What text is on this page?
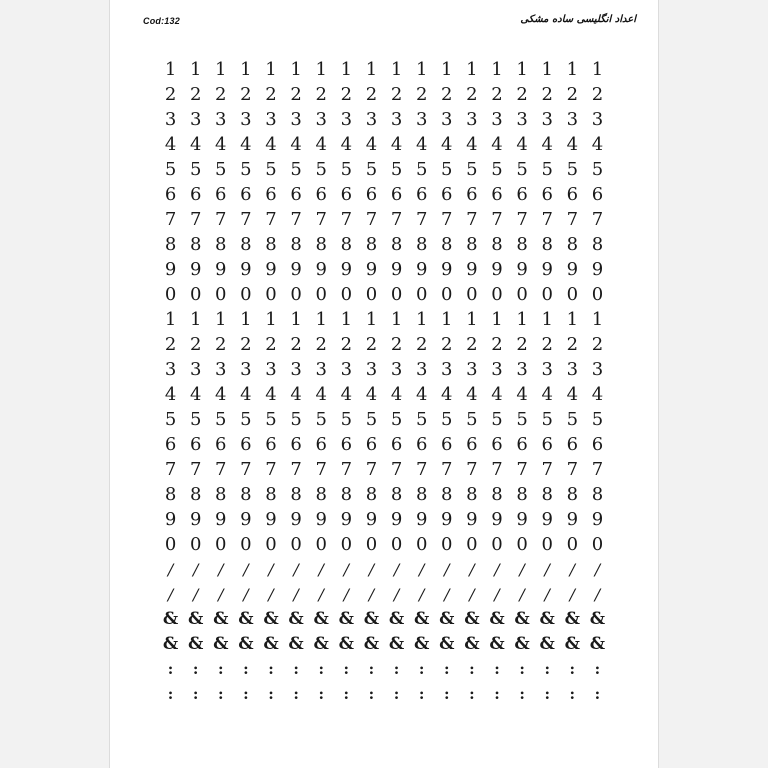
Cod:132	اعداد انگلیسی ساده مشکی
1 1 1 1 1 1 1 1 1 1 1 1 1 1 1 1 1 1
2 2 2 2 2 2 2 2 2 2 2 2 2 2 2 2 2 2
3 3 3 3 3 3 3 3 3 3 3 3 3 3 3 3 3 3
4 4 4 4 4 4 4 4 4 4 4 4 4 4 4 4 4 4
5 5 5 5 5 5 5 5 5 5 5 5 5 5 5 5 5 5
6 6 6 6 6 6 6 6 6 6 6 6 6 6 6 6 6 6
7 7 7 7 7 7 7 7 7 7 7 7 7 7 7 7 7 7
8 8 8 8 8 8 8 8 8 8 8 8 8 8 8 8 8 8
9 9 9 9 9 9 9 9 9 9 9 9 9 9 9 9 9 9
0 0 0 0 0 0 0 0 0 0 0 0 0 0 0 0 0 0
1 1 1 1 1 1 1 1 1 1 1 1 1 1 1 1 1 1
2 2 2 2 2 2 2 2 2 2 2 2 2 2 2 2 2 2
3 3 3 3 3 3 3 3 3 3 3 3 3 3 3 3 3 3
4 4 4 4 4 4 4 4 4 4 4 4 4 4 4 4 4 4
5 5 5 5 5 5 5 5 5 5 5 5 5 5 5 5 5 5
6 6 6 6 6 6 6 6 6 6 6 6 6 6 6 6 6 6
7 7 7 7 7 7 7 7 7 7 7 7 7 7 7 7 7 7
8 8 8 8 8 8 8 8 8 8 8 8 8 8 8 8 8 8
9 9 9 9 9 9 9 9 9 9 9 9 9 9 9 9 9 9
0 0 0 0 0 0 0 0 0 0 0 0 0 0 0 0 0 0
/	/	/	/	/	/	/	/	/	/	/	/	/	/	/	/	/	/
/	/	/	/	/	/	/	/	/	/	/	/	/	/	/	/	/	/
& & & & & & & & & & & & & & & & & &
& & & & & & & & & & & & & & & & & &
:	:	:	:	:	:	:	:	:	:	:	:	:	:	:	:	:	:
:	:	:	:	:	:	:	:	:	:	:	:	:	:	:	:	:	:
